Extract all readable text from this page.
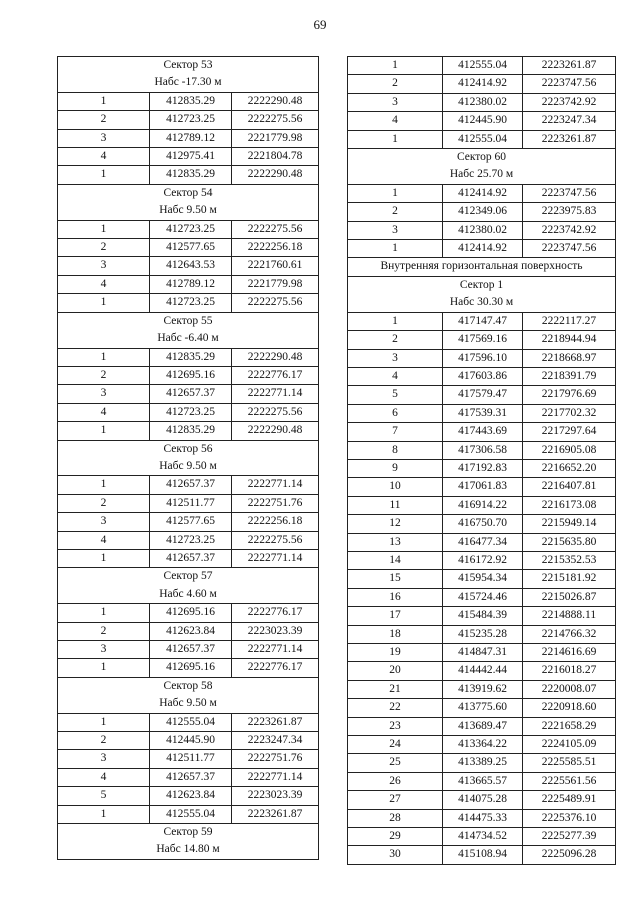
69
Сектор 53		
Набс -17.30 м		
1	412835.29	2222290.48
2	412723.25	2222275.56
3	412789.12	2221779.98
4	412975.41	2221804.78
1	412835.29	2222290.48
Сектор 54		
Набс 9.50 м		
1	412723.25	2222275.56
2	412577.65	2222256.18
3	412643.53	2221760.61
4	412789.12	2221779.98
1	412723.25	2222275.56
Сектор 55		
Набс -6.40 м		
1	412835.29	2222290.48
2	412695.16	2222776.17
3	412657.37	2222771.14
4	412723.25	2222275.56
1	412835.29	2222290.48
Сектор 56		
Набс 9.50 м		
1	412657.37	2222771.14
2	412511.77	2222751.76
3	412577.65	2222256.18
4	412723.25	2222275.56
1	412657.37	2222771.14
Сектор 57		
Набс 4.60 м		
1	412695.16	2222776.17
2	412623.84	2223023.39
3	412657.37	2222771.14
1	412695.16	2222776.17
Сектор 58		
Набс 9.50 м		
1	412555.04	2223261.87
2	412445.90	2223247.34
3	412511.77	2222751.76
4	412657.37	2222771.14
5	412623.84	2223023.39
1	412555.04	2223261.87
Сектор 59		
Набс 14.80 м		
1	412555.04	2223261.87
2	412414.92	2223747.56
3	412380.02	2223742.92
4	412445.90	2223247.34
1	412555.04	2223261.87
Сектор 60		
Набс 25.70 м		
1	412414.92	2223747.56
2	412349.06	2223975.83
3	412380.02	2223742.92
1	412414.92	2223747.56
Внутренняя горизонтальная поверхность		
Сектор 1		
Набс 30.30 м		
1	417147.47	2222117.27
2	417569.16	2218944.94
3	417596.10	2218668.97
4	417603.86	2218391.79
5	417579.47	2217976.69
6	417539.31	2217702.32
7	417443.69	2217297.64
8	417306.58	2216905.08
9	417192.83	2216652.20
10	417061.83	2216407.81
11	416914.22	2216173.08
12	416750.70	2215949.14
13	416477.34	2215635.80
14	416172.92	2215352.53
15	415954.34	2215181.92
16	415724.46	2215026.87
17	415484.39	2214888.11
18	415235.28	2214766.32
19	414847.31	2214616.69
20	414442.44	2216018.27
21	413919.62	2220008.07
22	413775.60	2220918.60
23	413689.47	2221658.29
24	413364.22	2224105.09
25	413389.25	2225585.51
26	413665.57	2225561.56
27	414075.28	2225489.91
28	414475.33	2225376.10
29	414734.52	2225277.39
30	415108.94	2225096.28
